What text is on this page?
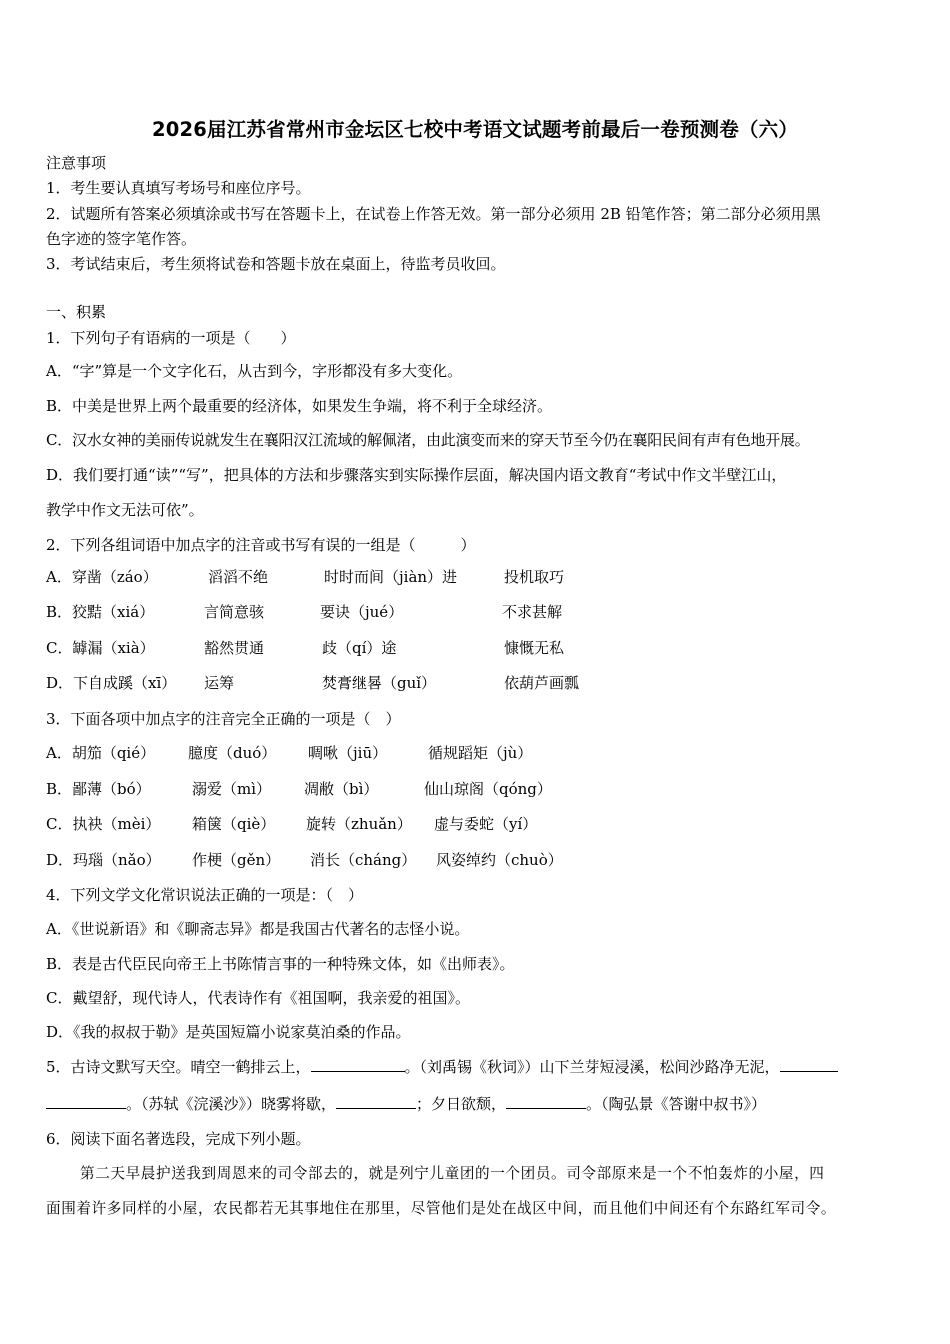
2026届江苏省常州市金坛区七校中考语文试题考前最后一卷预测卷（六）
注意事项
1．考生要认真填写考场号和座位序号。
2．试题所有答案必须填涂或书写在答题卡上，在试卷上作答无效。第一部分必须用 2B 铅笔作答；第二部分必须用黑
色字迹的签字笔作答。
3．考试结束后，考生须将试卷和答题卡放在桌面上，待监考员收回。
一、积累
1．下列句子有语病的一项是（　　）
A．“字”算是一个文字化石，从古到今，字形都没有多大变化。
B．中美是世界上两个最重要的经济体，如果发生争端，将不利于全球经济。
C．汉水女神的美丽传说就发生在襄阳汉江流域的解佩渚，由此演变而来的穿天节至今仍在襄阳民间有声有色地开展。
D．我们要打通“读”“写”，把具体的方法和步骤落实到实际操作层面，解决国内语文教育“考试中作文半壁江山，
教学中作文无法可依”。
2．下列各组词语中加点字的注音或书写有误的一组是（　　　）
A．穿凿（záo）	滔滔不绝	时时而间（jiàn）进	投机取巧
B．狡黠（xiá）	言简意骇	要诀（jué）	不求甚解
C．罅漏（xià）	豁然贯通	歧（qí）途	慷慨无私
D．下自成蹊（xī） 运筹	焚膏继晷（guǐ）	依葫芦画瓢
3．下面各项中加点字的注音完全正确的一项是（　）
A．胡笳（qié） 臆度（duó） 啁啾（jiū）	循规蹈矩（jù）
B．鄙薄（bó）	溺爱（mì） 凋敝（bì）	仙山琼阁（qóng）
C．执袂（mèi） 箱箧（qiè） 旋转（zhuǎn） 虚与委蛇（yí）
D．玛瑙（nǎo） 作梗（gěn） 消长（cháng） 风姿绰约（chuò）
4．下列文学文化常识说法正确的一项是：（　）
A．《世说新语》和《聊斋志异》都是我国古代著名的志怪小说。
B．表是古代臣民向帝王上书陈情言事的一种特殊文体，如《出师表》。
C．戴望舒，现代诗人，代表诗作有《祖国啊，我亲爱的祖国》。
D．《我的叔叔于勒》是英国短篇小说家莫泊桑的作品。
5．古诗文默写天空。晴空一鹤排云上，	。（刘禹锡《秋词》）山下兰芽短浸溪，松间沙路净无泥，
。（苏轼《浣溪沙》）晓雾将歇，	；夕日欲颓，	。（陶弘景《答谢中叔书》）
6．阅读下面名著选段，完成下列小题。
第二天早晨护送我到周恩来的司令部去的，就是列宁儿童团的一个团员。司令部原来是一个不怕轰炸的小屋，四
面围着许多同样的小屋，农民都若无其事地住在那里，尽管他们是处在战区中间，而且他们中间还有个东路红军司令。
